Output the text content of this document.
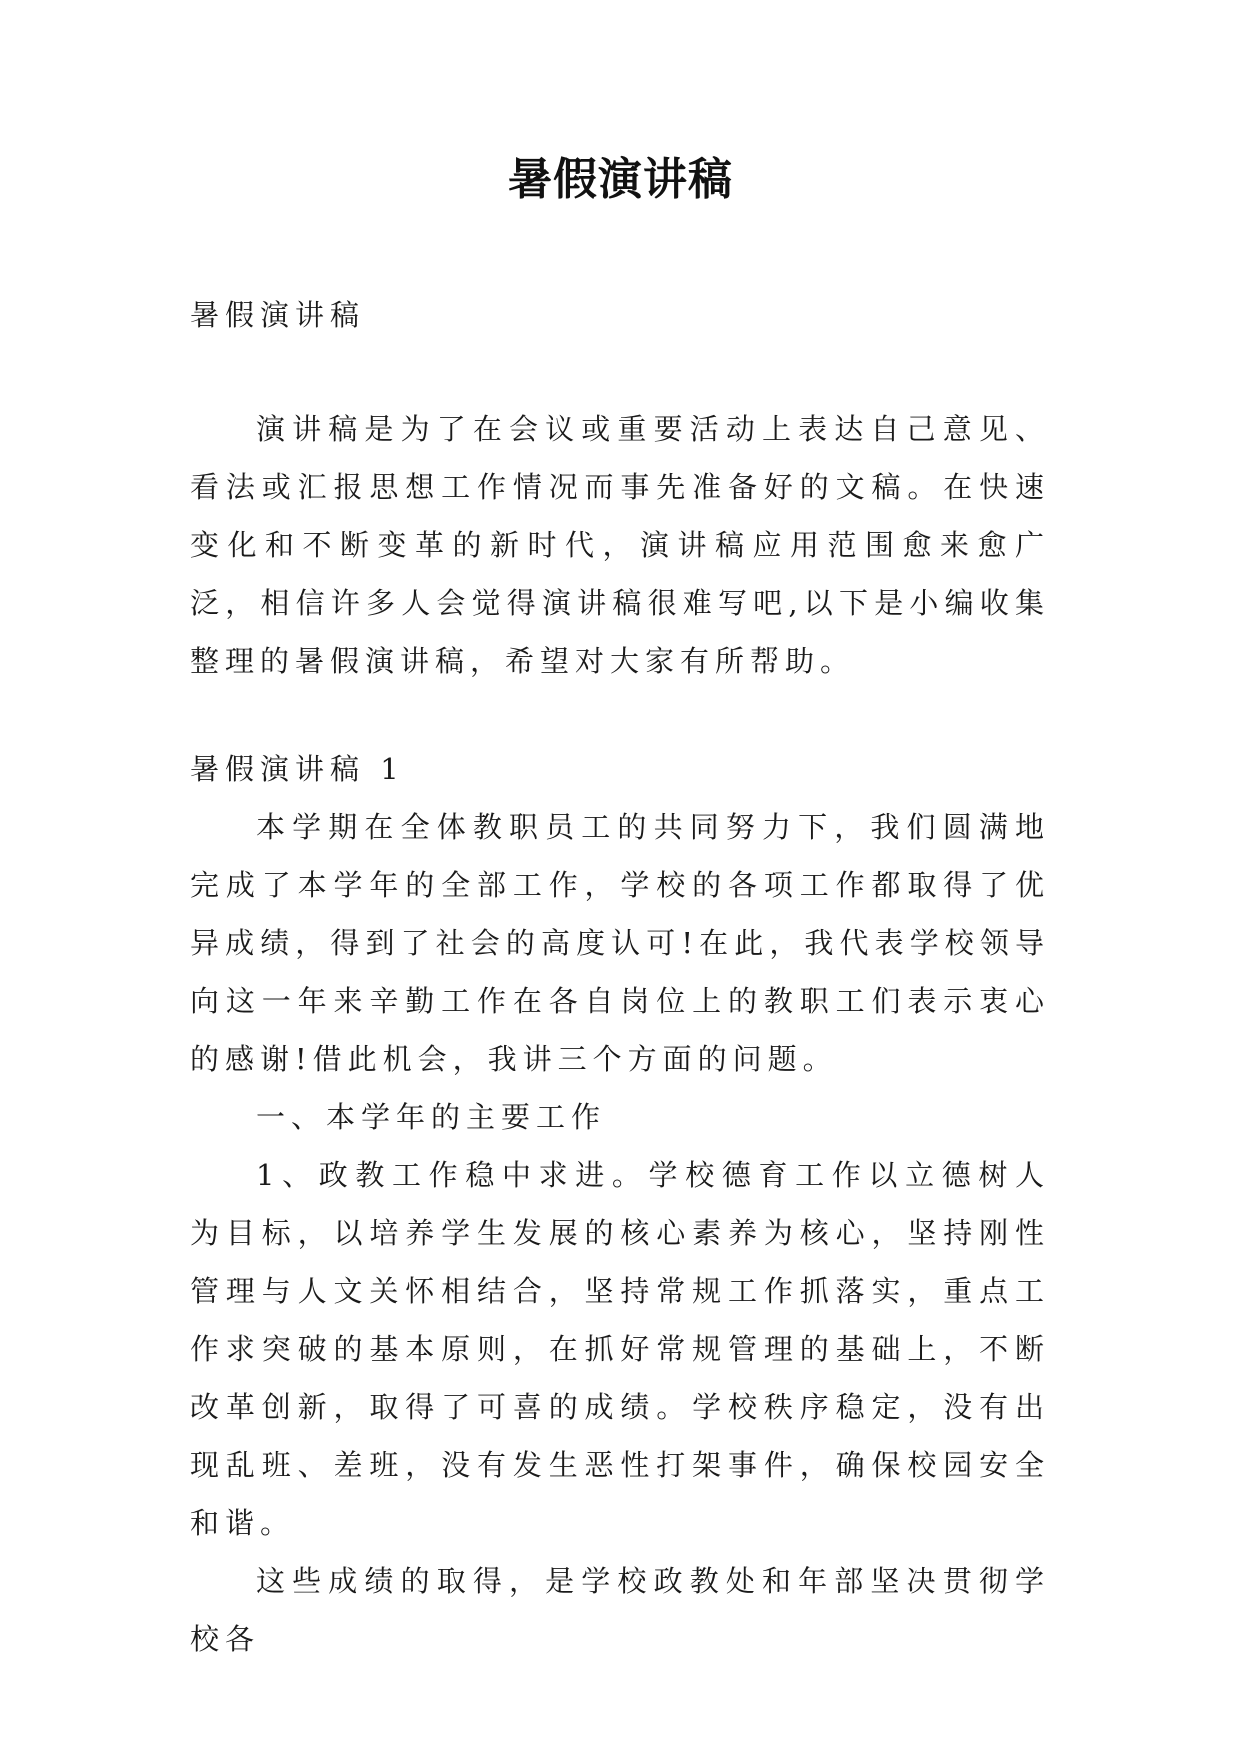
暑假演讲稿

暑假演讲稿

演讲稿是为了在会议或重要活动上表达自己意见、看法或汇报思想工作情况而事先准备好的文稿。在快速变化和不断变革的新时代，演讲稿应用范围愈来愈广泛，相信许多人会觉得演讲稿很难写吧,以下是小编收集整理的暑假演讲稿，希望对大家有所帮助。

暑假演讲稿 1

本学期在全体教职员工的共同努力下，我们圆满地完成了本学年的全部工作，学校的各项工作都取得了优异成绩，得到了社会的高度认可!在此，我代表学校领导向这一年来辛勤工作在各自岗位上的教职工们表示衷心的感谢!借此机会，我讲三个方面的问题。

一、本学年的主要工作

1、政教工作稳中求进。学校德育工作以立德树人为目标，以培养学生发展的核心素养为核心，坚持刚性管理与人文关怀相结合，坚持常规工作抓落实，重点工作求突破的基本原则，在抓好常规管理的基础上，不断改革创新，取得了可喜的成绩。学校秩序稳定，没有出现乱班、差班，没有发生恶性打架事件，确保校园安全和谐。

这些成绩的取得，是学校政教处和年部坚决贯彻学校各
